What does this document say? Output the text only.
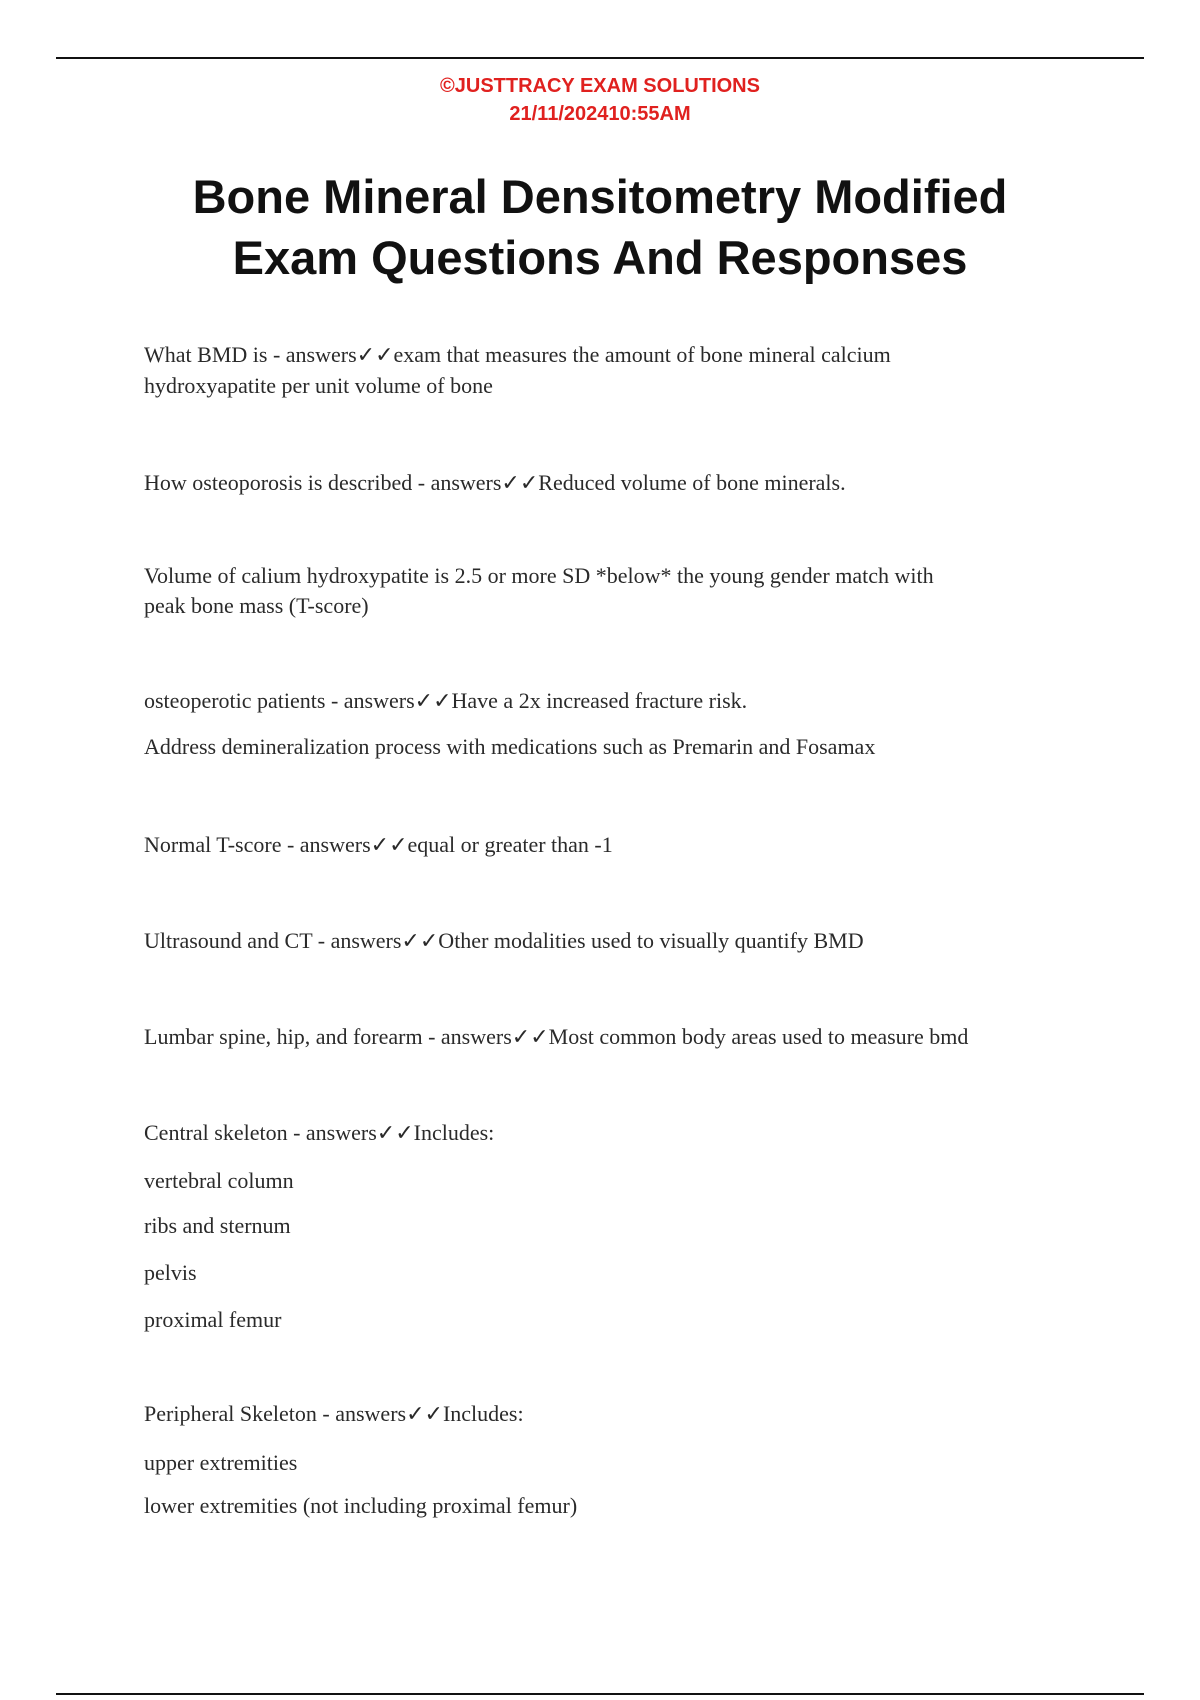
©JUSTTRACY EXAM SOLUTIONS
21/11/202410:55AM
Bone Mineral Densitometry Modified
Exam Questions And Responses
What BMD is - answers✓✓exam that measures the amount of bone mineral calcium
hydroxyapatite per unit volume of bone
How osteoporosis is described - answers✓✓Reduced volume of bone minerals.
Volume of calium hydroxypatite is 2.5 or more SD *below* the young gender match with
peak bone mass (T-score)
osteoperotic patients - answers✓✓Have a 2x increased fracture risk.
Address demineralization process with medications such as Premarin and Fosamax
Normal T-score - answers✓✓equal or greater than -1
Ultrasound and CT - answers✓✓Other modalities used to visually quantify BMD
Lumbar spine, hip, and forearm - answers✓✓Most common body areas used to measure bmd
Central skeleton - answers✓✓Includes:
vertebral column
ribs and sternum
pelvis
proximal femur
Peripheral Skeleton - answers✓✓Includes:
upper extremities
lower extremities (not including proximal femur)
